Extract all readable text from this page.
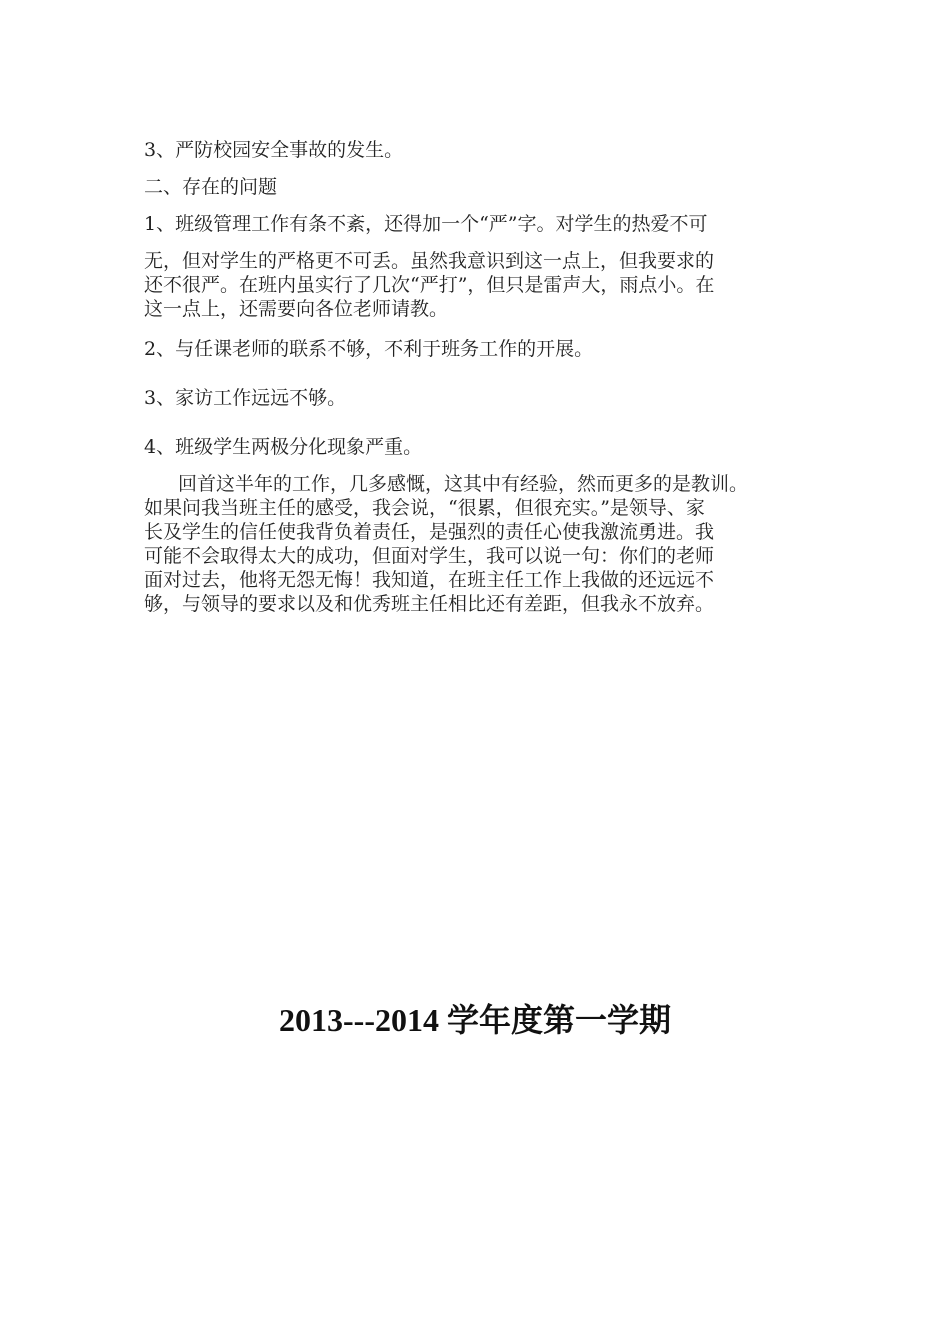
3、严防校园安全事故的发生。
二、存在的问题
1、班级管理工作有条不紊，还得加一个“严”字。对学生的热爱不可
无，但对学生的严格更不可丢。虽然我意识到这一点上，但我要求的
还不很严。在班内虽实行了几次“严打”，但只是雷声大，雨点小。在
这一点上，还需要向各位老师请教。
2、与任课老师的联系不够，不利于班务工作的开展。
3、家访工作远远不够。
4、班级学生两极分化现象严重。
回首这半年的工作，几多感慨，这其中有经验，然而更多的是教训。
如果问我当班主任的感受，我会说，“很累，但很充实。”是领导、家
长及学生的信任使我背负着责任，是强烈的责任心使我激流勇进。我
可能不会取得太大的成功，但面对学生，我可以说一句：你们的老师
面对过去，他将无怨无悔！我知道，在班主任工作上我做的还远远不
够，与领导的要求以及和优秀班主任相比还有差距，但我永不放弃。
2013---2014 学年度第一学期
